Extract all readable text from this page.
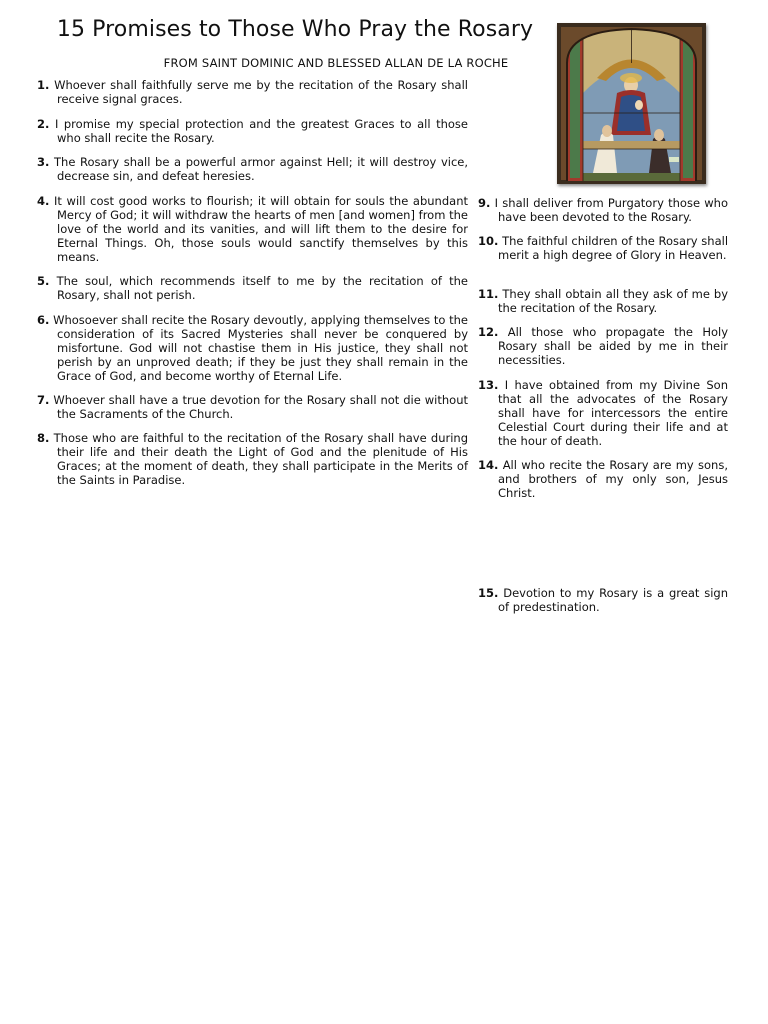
15 Promises to Those Who Pray the Rosary

FROM SAINT DOMINIC AND BLESSED ALLAN DE LA ROCHE

1. Whoever shall faithfully serve me by the recitation of the Rosary shall receive signal graces.

2. I promise my special protection and the greatest Graces to all those who shall recite the Rosary.

3. The Rosary shall be a powerful armor against Hell; it will destroy vice, decrease sin, and defeat heresies.

4. It will cost good works to flourish; it will obtain for souls the abundant Mercy of God; it will withdraw the hearts of men [and women] from the love of the world and its vanities, and will lift them to the desire for Eternal Things. Oh, those souls would sanctify themselves by this means.

5. The soul, which recommends itself to me by the recitation of the Rosary, shall not perish.

6. Whosoever shall recite the Rosary devoutly, applying themselves to the consideration of its Sacred Mysteries shall never be conquered by misfortune. God will not chastise them in His justice, they shall not perish by an unproved death; if they be just they shall remain in the Grace of God, and become worthy of Eternal Life.

7. Whoever shall have a true devotion for the Rosary shall not die without the Sacraments of the Church.

8. Those who are faithful to the recitation of the Rosary shall have during their life and their death the Light of God and the plenitude of His Graces; at the moment of death, they shall participate in the Merits of the Saints in Paradise.

9. I shall deliver from Purgatory those who have been devoted to the Rosary.

10. The faithful children of the Rosary shall merit a high degree of Glory in Heaven.

11. They shall obtain all they ask of me by the recitation of the Rosary.

12. All those who propagate the Holy Rosary shall be aided by me in their necessities.

13. I have obtained from my Divine Son that all the advocates of the Rosary shall have for intercessors the entire Celestial Court during their life and at the hour of death.

14. All who recite the Rosary are my sons, and brothers of my only son, Jesus Christ.

15. Devotion to my Rosary is a great sign of predestination.
